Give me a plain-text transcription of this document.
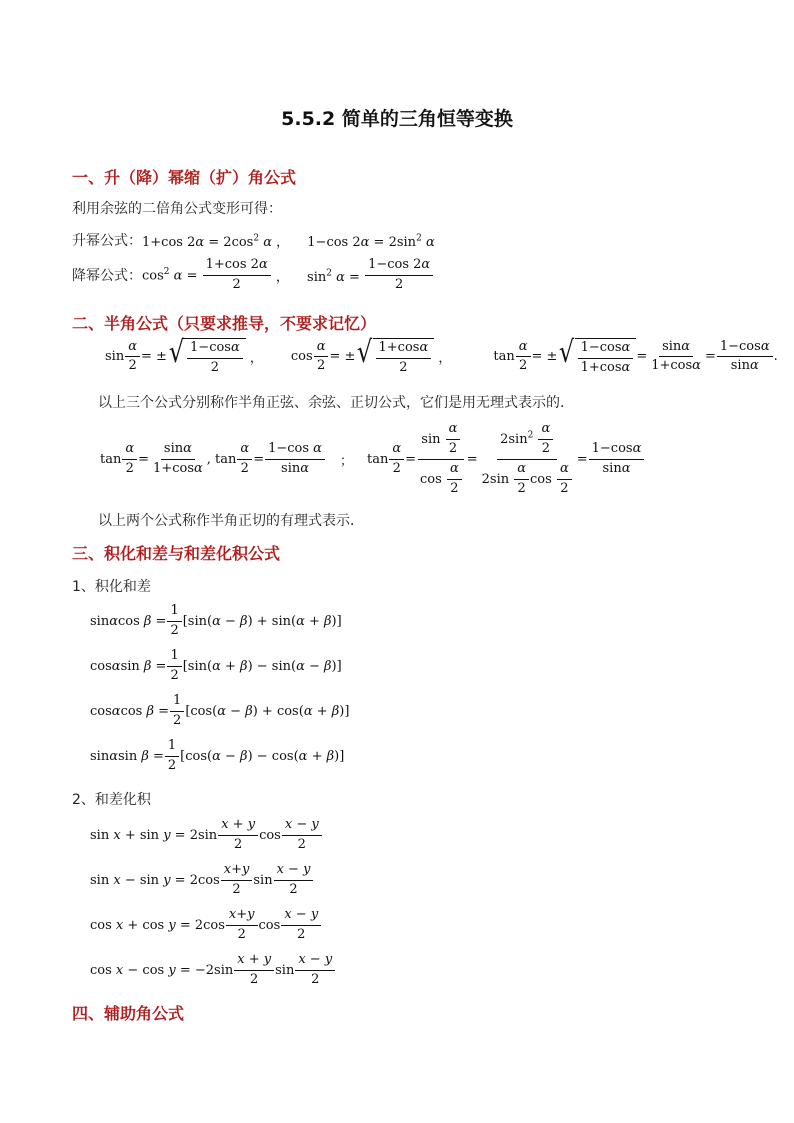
5.5.2 简单的三角恒等变换
一、升（降）幂缩（扩）角公式
利用余弦的二倍角公式变形可得：
升幂公式： 1+cos $2\alpha = 2\cos^2$ α ， 1−cos $2\alpha = 2\sin^2$ α
降幂公式： $\cos^2 \alpha = \frac{1+\cos 2\alpha}{2}$ ， $\sin^2 \alpha = \frac{1-\cos 2\alpha}{2}$
二、半角公式（只要求推导，不要求记忆）
$\sin \frac{\alpha}{2}$ = ± √ 1−cosα
2
， $\cos \frac{\alpha}{2}$ = ± √ 1+cosα
2
，	$\tan \frac{\alpha}{2}$ = ± √ 1−cosα
1+cosα
= $\frac{\sin\alpha}{1+\cos\alpha} = \frac{1-\cos\alpha}{\sin\alpha}$ .
以上三个公式分别称作半角正弦、余弦、正切公式，它们是用无理式表示的．
$\tan \frac{\alpha}{2} = \frac{\sin\alpha}{1+\cos\alpha}$ , $\tan \frac{\alpha}{2} = \frac{\text{1−cos α}}{\sin\alpha}$ ； $\tan \frac{\alpha}{2} = \frac{\sin \frac{\alpha}{2}}{\cos \frac{\alpha}{2}} = \frac{2\sin^2 \frac{\alpha}{2}}{2\sin \frac{\alpha}{2} \cos \frac{\alpha}{2}} = \frac{1-\cos\alpha}{\sin\alpha}$
以上两个公式称作半角正切的有理式表示．
三、积化和差与和差化积公式
1、积化和差
sinαcos $\beta = \frac{1}{2} [\sin(\alpha - \beta) + \sin(\alpha + \beta)]$
cosαsin $\beta = \frac{1}{2} [\sin(\alpha + \beta) - \sin(\alpha - \beta)]$
cosαcos $\beta = \frac{1}{2} [\cos(\alpha - \beta) + \cos(\alpha + \beta)]$
sinαsin $\beta = \frac{1}{2} [\cos(\alpha - \beta) - \cos(\alpha + \beta)]$
2、和差化积
sin x + sin y = 2sin
x + y
2
cos
x − y
2
sin x − sin y = 2cos
x+y
2
sin
x − y
2
cos x + cos y = 2cos
x+y
2
cos
x − y
2
cos x − cos y = −2sin
x + y
2
sin
x − y
2
四、辅助角公式
